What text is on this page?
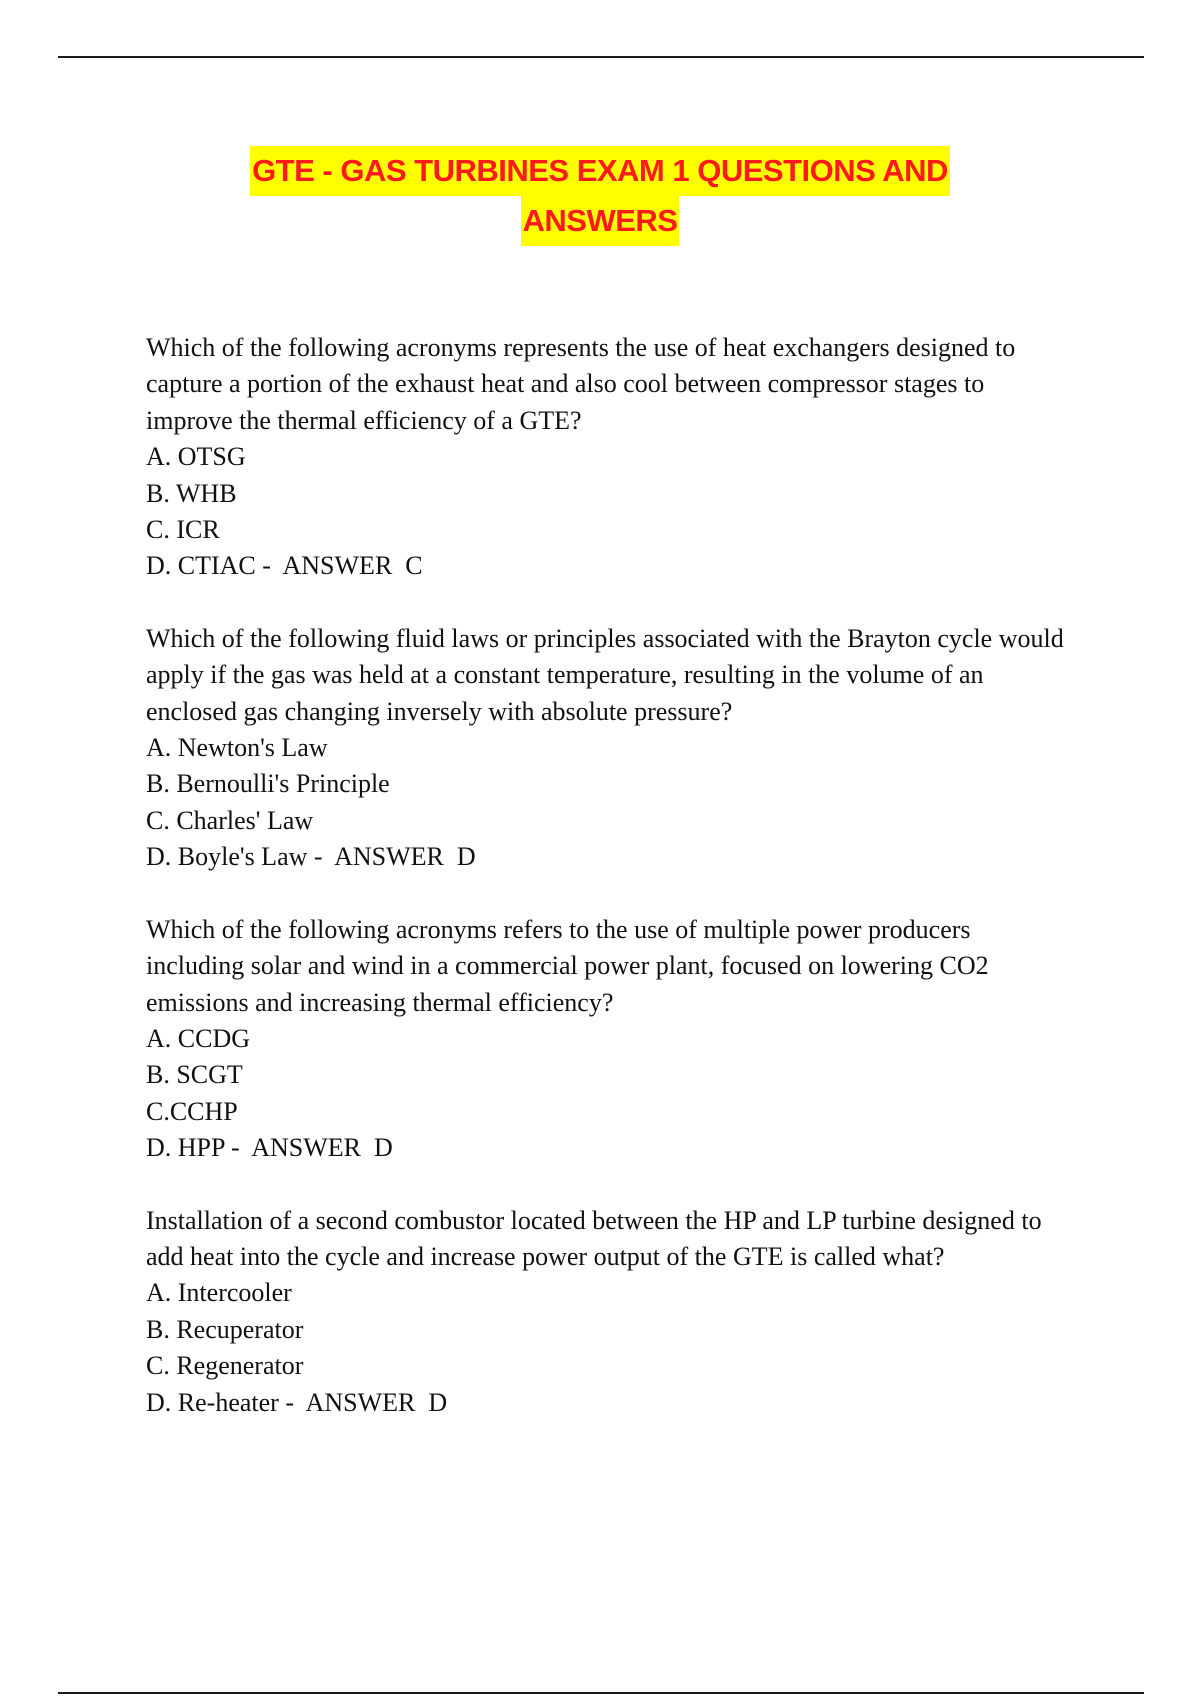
GTE - GAS TURBINES EXAM 1 QUESTIONS AND
ANSWERS

Which of the following acronyms represents the use of heat exchangers designed to capture a portion of the exhaust heat and also cool between compressor stages to improve the thermal efficiency of a GTE?

A. OTSG
B. WHB
C. ICR
D. CTIAC -  ANSWER  C

Which of the following fluid laws or principles associated with the Brayton cycle would apply if the gas was held at a constant temperature, resulting in the volume of an enclosed gas changing inversely with absolute pressure?

A. Newton's Law
B. Bernoulli's Principle
C. Charles' Law
D. Boyle's Law -  ANSWER  D

Which of the following acronyms refers to the use of multiple power producers including solar and wind in a commercial power plant, focused on lowering CO2 emissions and increasing thermal efficiency?

A. CCDG
B. SCGT
C.CCHP
D. HPP -  ANSWER  D

Installation of a second combustor located between the HP and LP turbine designed to add heat into the cycle and increase power output of the GTE is called what?

A. Intercooler
B. Recuperator
C. Regenerator
D. Re-heater -  ANSWER  D
